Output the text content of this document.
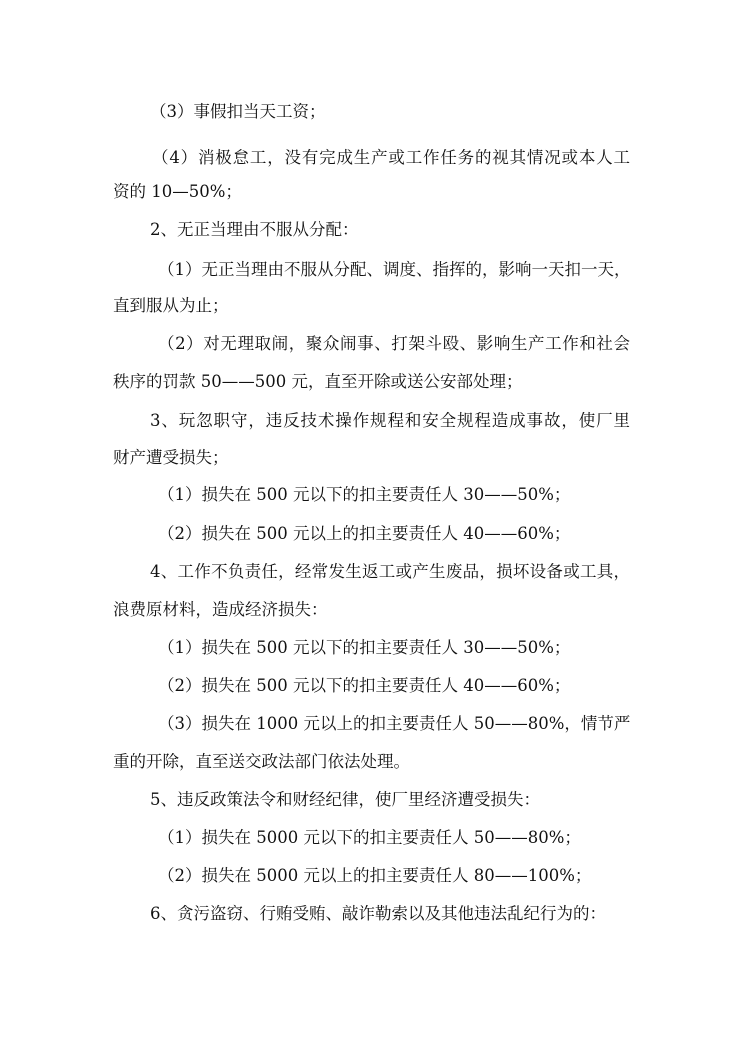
（3）事假扣当天工资；
（4）消极怠工，没有完成生产或工作任务的视其情况或本人工
资的 10—50%；
2、无正当理由不服从分配：
（1）无正当理由不服从分配、调度、指挥的，影响一天扣一天，
直到服从为止；
（2）对无理取闹，聚众闹事、打架斗殴、影响生产工作和社会
秩序的罚款 50——500 元，直至开除或送公安部处理；
3、玩忽职守，违反技术操作规程和安全规程造成事故，使厂里
财产遭受损失；
（1）损失在 500 元以下的扣主要责任人 30——50%；
（2）损失在 500 元以上的扣主要责任人 40——60%；
4、工作不负责任，经常发生返工或产生废品，损坏设备或工具，
浪费原材料，造成经济损失：
（1）损失在 500 元以下的扣主要责任人 30——50%；
（2）损失在 500 元以下的扣主要责任人 40——60%；
（3）损失在 1000 元以上的扣主要责任人 50——80%，情节严
重的开除，直至送交政法部门依法处理。
5、违反政策法令和财经纪律，使厂里经济遭受损失：
（1）损失在 5000 元以下的扣主要责任人 50——80%；
（2）损失在 5000 元以上的扣主要责任人 80——100%；
6、贪污盗窃、行贿受贿、敲诈勒索以及其他违法乱纪行为的：
